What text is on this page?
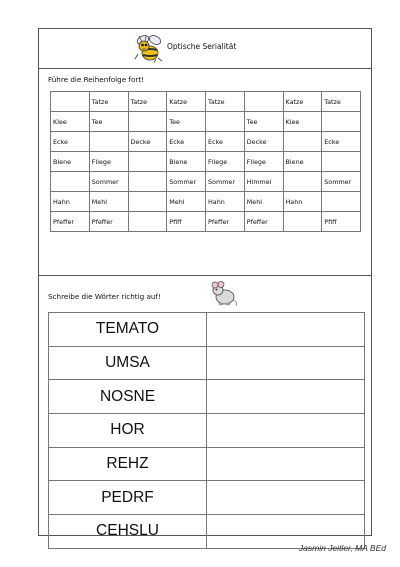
Optische Serialität
Führe die Reihenfolge fort!
	Tatze	Tatze	Katze	Tatze		Katze	Tatze
Klee	Tee		Tee		Tee	Klee	
Ecke		Decke	Ecke	Ecke	Decke		Ecke
Biene	Fliege		Biene	Fliege	Fliege	Biene	
	Sommer		Sommer	Sommer	Himmel		Sommer
Hahn	Mehl		Mehl	Hahn	Mehl	Hahn	
Pfeffer	Pfeffer		Pfiff	Pfeffer	Pfeffer		Pfiff
Schreibe die Wörter richtig auf!
TEMATO	
UMSA	
NOSNE	
HOR	
REHZ	
PEDRF	
CEHSLU	
Jasmin Jeitler, MA BEd
